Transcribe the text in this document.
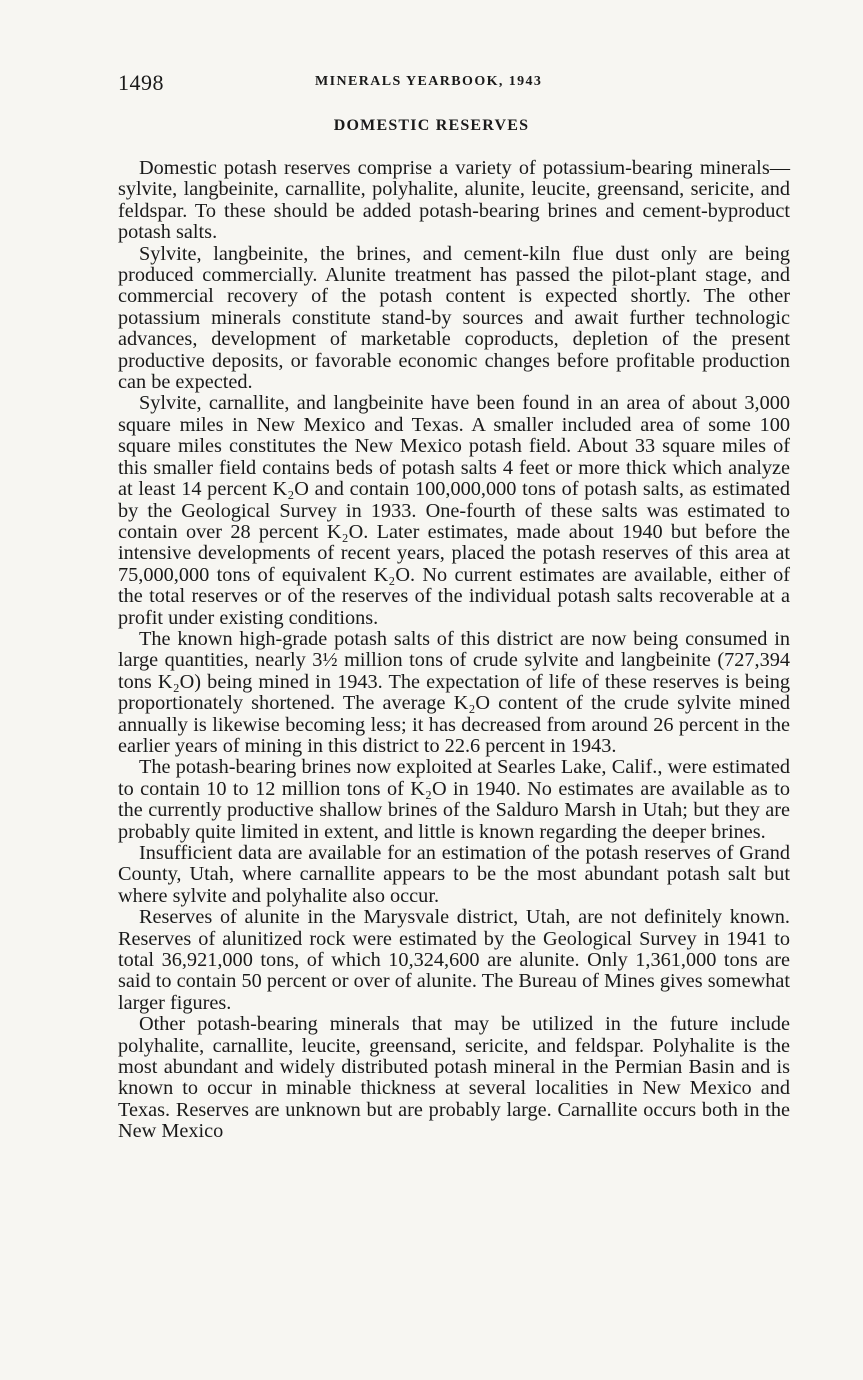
1498	MINERALS YEARBOOK, 1943
DOMESTIC RESERVES

Domestic potash reserves comprise a variety of potassium-bearing minerals—sylvite, langbeinite, carnallite, polyhalite, alunite, leucite, greensand, sericite, and feldspar. To these should be added potash-bearing brines and cement-byproduct potash salts.

Sylvite, langbeinite, the brines, and cement-kiln flue dust only are being produced commercially. Alunite treatment has passed the pilot-plant stage, and commercial recovery of the potash content is expected shortly. The other potassium minerals constitute stand-by sources and await further technologic advances, development of marketable coproducts, depletion of the present productive deposits, or favorable economic changes before profitable production can be expected.

Sylvite, carnallite, and langbeinite have been found in an area of about 3,000 square miles in New Mexico and Texas. A smaller included area of some 100 square miles constitutes the New Mexico potash field. About 33 square miles of this smaller field contains beds of potash salts 4 feet or more thick which analyze at least 14 percent K₂O and contain 100,000,000 tons of potash salts, as estimated by the Geological Survey in 1933. One-fourth of these salts was estimated to contain over 28 percent K₂O. Later estimates, made about 1940 but before the intensive developments of recent years, placed the potash reserves of this area at 75,000,000 tons of equivalent K₂O. No current estimates are available, either of the total reserves or of the reserves of the individual potash salts recoverable at a profit under existing conditions.

The known high-grade potash salts of this district are now being consumed in large quantities, nearly 3½ million tons of crude sylvite and langbeinite (727,394 tons K₂O) being mined in 1943. The expectation of life of these reserves is being proportionately shortened. The average K₂O content of the crude sylvite mined annually is likewise becoming less; it has decreased from around 26 percent in the earlier years of mining in this district to 22.6 percent in 1943.

The potash-bearing brines now exploited at Searles Lake, Calif., were estimated to contain 10 to 12 million tons of K₂O in 1940. No estimates are available as to the currently productive shallow brines of the Salduro Marsh in Utah; but they are probably quite limited in extent, and little is known regarding the deeper brines.

Insufficient data are available for an estimation of the potash reserves of Grand County, Utah, where carnallite appears to be the most abundant potash salt but where sylvite and polyhalite also occur.

Reserves of alunite in the Marysvale district, Utah, are not definitely known. Reserves of alunitized rock were estimated by the Geological Survey in 1941 to total 36,921,000 tons, of which 10,324,600 are alunite. Only 1,361,000 tons are said to contain 50 percent or over of alunite. The Bureau of Mines gives somewhat larger figures.

Other potash-bearing minerals that may be utilized in the future include polyhalite, carnallite, leucite, greensand, sericite, and feldspar. Polyhalite is the most abundant and widely distributed potash mineral in the Permian Basin and is known to occur in minable thickness at several localities in New Mexico and Texas. Reserves are unknown but are probably large. Carnallite occurs both in the New Mexico
